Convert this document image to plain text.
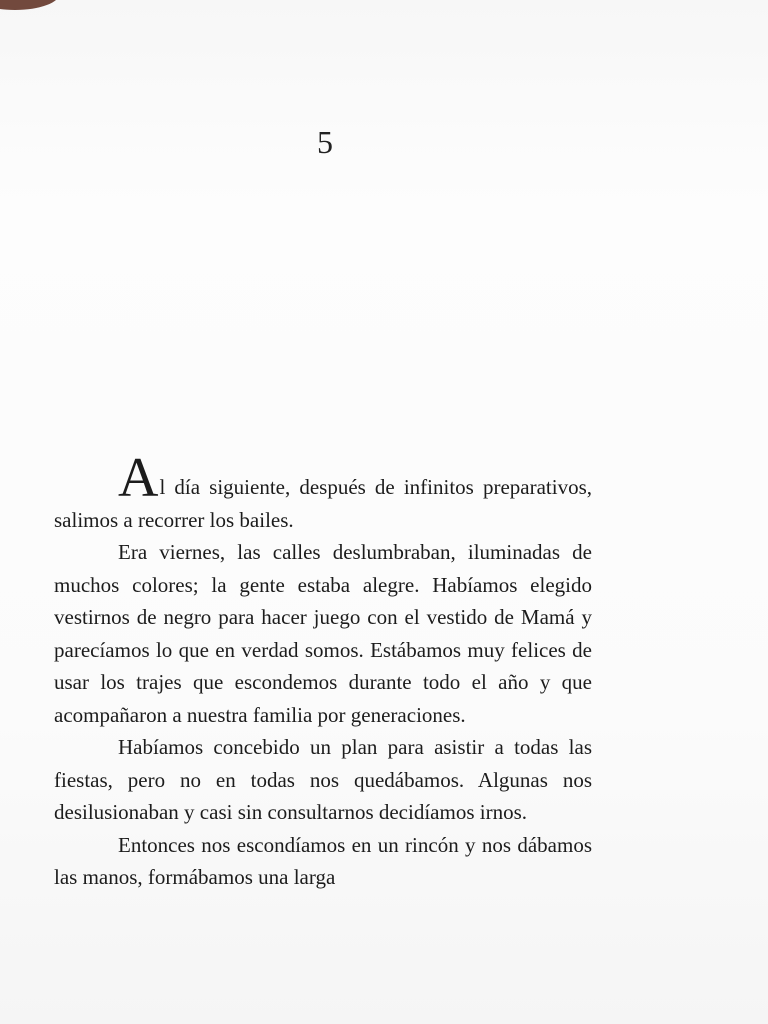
5

Al día siguiente, después de infinitos preparativos, salimos a recorrer los bailes.

Era viernes, las calles deslumbraban, iluminadas de muchos colores; la gente estaba alegre. Habíamos elegido vestirnos de negro para hacer juego con el vestido de Mamá y parecíamos lo que en verdad somos. Estábamos muy felices de usar los trajes que escondemos durante todo el año y que acompañaron a nuestra familia por generaciones.

Habíamos concebido un plan para asistir a todas las fiestas, pero no en todas nos quedábamos. Algunas nos desilusionaban y casi sin consultarnos decidíamos irnos.

Entonces nos escondíamos en un rincón y nos dábamos las manos, formábamos una larga
